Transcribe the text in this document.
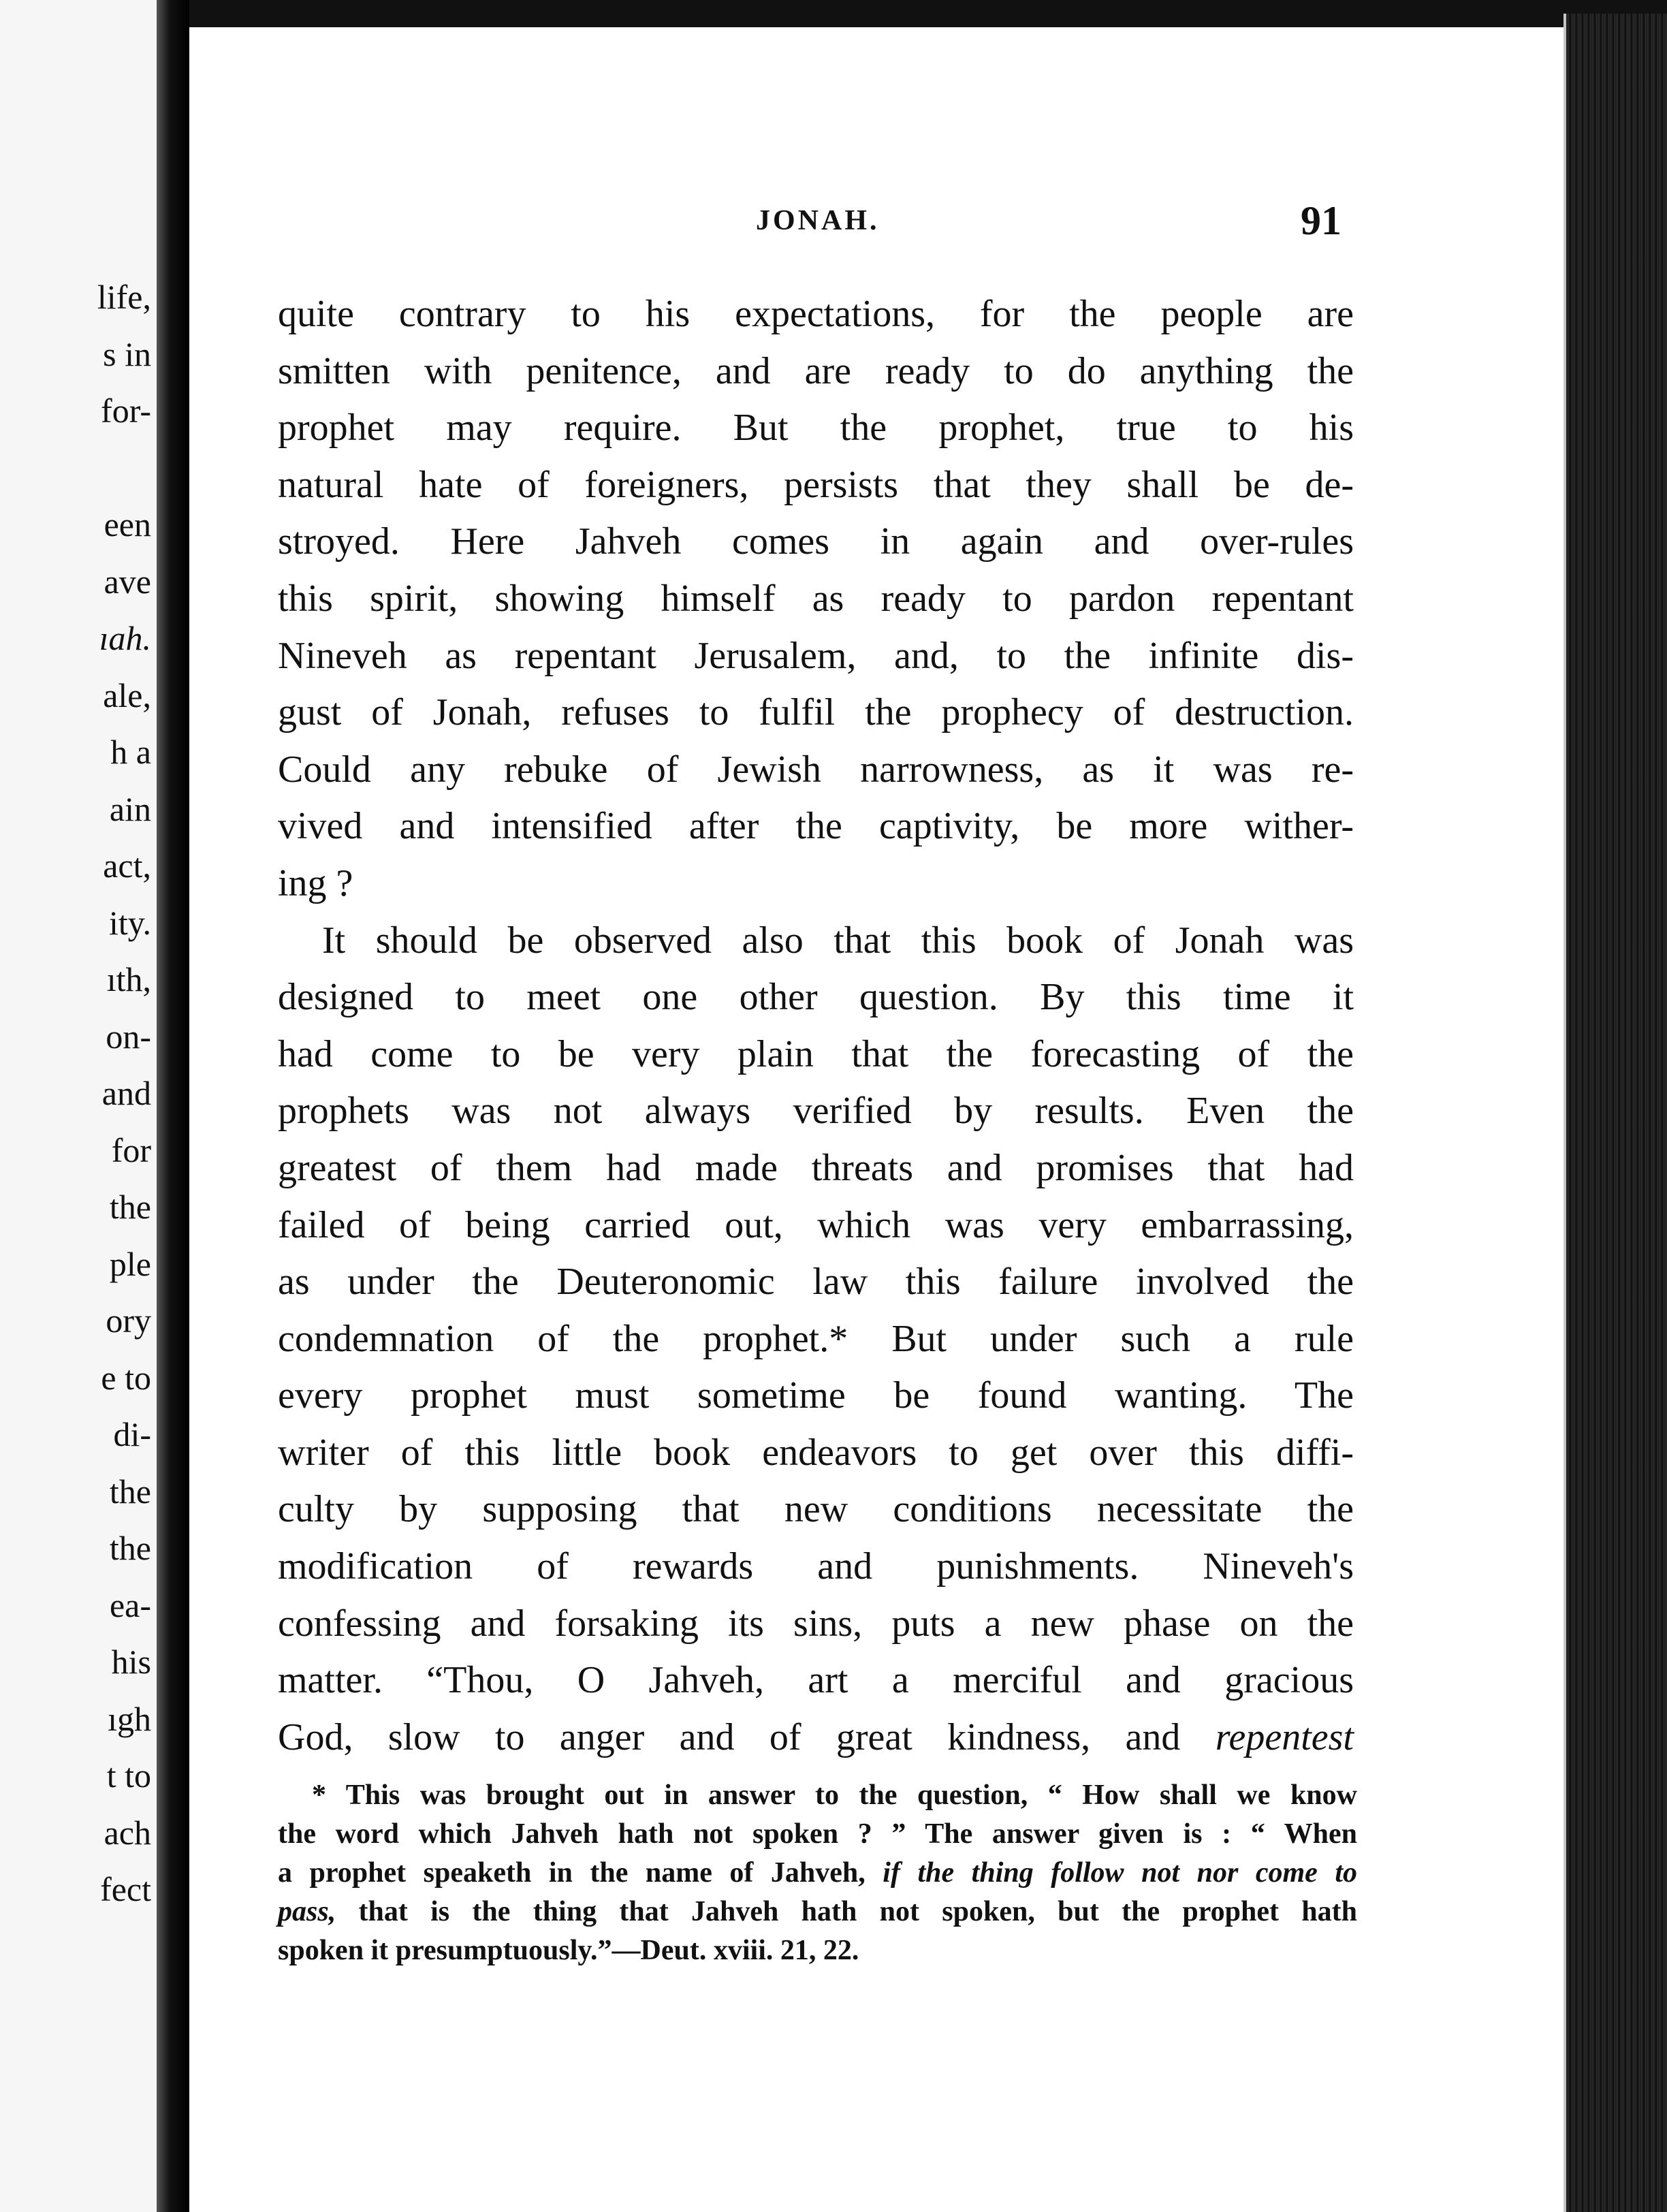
life,
s in
for-
een
ave
ıah.
ale,
h a
ain
act,
ity.
ıth,
on-
and
for
the
ple
ory
e to
di-
the
the
ea-
his
ıgh
t to
ach
fect
JONAH.	91
quite contrary to his expectations, for the people are
smitten with penitence, and are ready to do anything the
prophet may require. But the prophet, true to his
natural hate of foreigners, persists that they shall be de-
stroyed. Here Jahveh comes in again and over-rules
this spirit, showing himself as ready to pardon repentant
Nineveh as repentant Jerusalem, and, to the infinite dis-
gust of Jonah, refuses to fulfil the prophecy of destruction.
Could any rebuke of Jewish narrowness, as it was re-
vived and intensified after the captivity, be more wither-
ing ?
It should be observed also that this book of Jonah was
designed to meet one other question. By this time it
had come to be very plain that the forecasting of the
prophets was not always verified by results. Even the
greatest of them had made threats and promises that had
failed of being carried out, which was very embarrassing,
as under the Deuteronomic law this failure involved the
condemnation of the prophet.* But under such a rule
every prophet must sometime be found wanting. The
writer of this little book endeavors to get over this diffi-
culty by supposing that new conditions necessitate the
modification of rewards and punishments. Nineveh's
confessing and forsaking its sins, puts a new phase on the
matter. “Thou, O Jahveh, art a merciful and gracious
God, slow to anger and of great kindness, and repentest
* This was brought out in answer to the question, “ How shall we know
the word which Jahveh hath not spoken ? ” The answer given is : “ When
a prophet speaketh in the name of Jahveh, if the thing follow not nor come to
pass, that is the thing that Jahveh hath not spoken, but the prophet hath
spoken it presumptuously.”—Deut. xviii. 21, 22.
